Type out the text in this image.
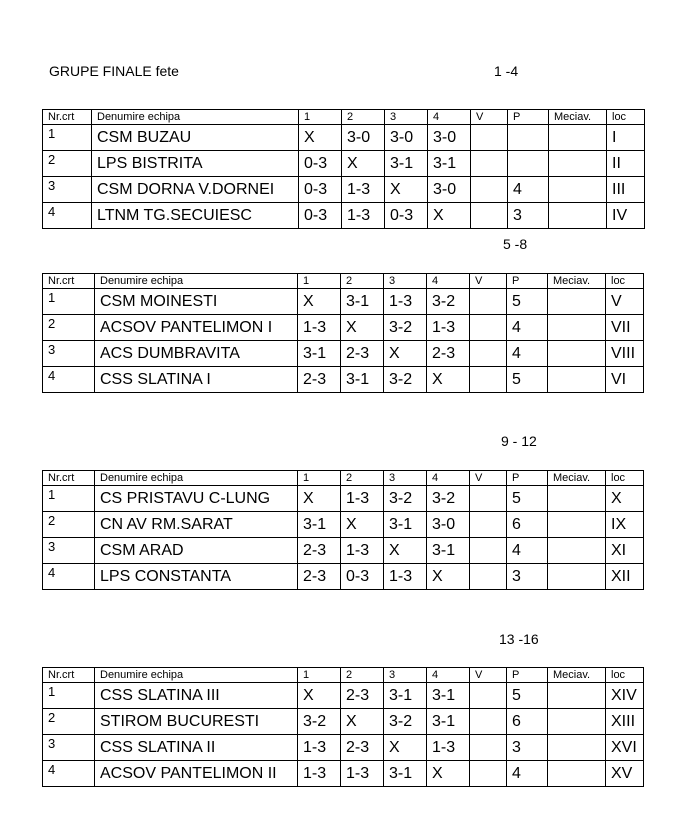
GRUPE FINALE fete	1 -4
5 -8
9 - 12
13 -16
Nr.crt	Denumire echipa	1	2	3	4	V	P	Meciav.	loc
1	CSM BUZAU	X	3-0	3-0	3-0				I
2	LPS BISTRITA	0-3	X	3-1	3-1				II
3	CSM DORNA V.DORNEI	0-3	1-3	X	3-0		4		III
4	LTNM TG.SECUIESC	0-3	1-3	0-3	X		3		IV
Nr.crt	Denumire echipa	1	2	3	4	V	P	Meciav.	loc
1	CSM MOINESTI	X	3-1	1-3	3-2		5		V
2	ACSOV PANTELIMON I	1-3	X	3-2	1-3		4		VII
3	ACS DUMBRAVITA	3-1	2-3	X	2-3		4		VIII
4	CSS SLATINA I	2-3	3-1	3-2	X		5		VI
Nr.crt	Denumire echipa	1	2	3	4	V	P	Meciav.	loc
1	CS PRISTAVU C-LUNG	X	1-3	3-2	3-2		5		X
2	CN AV RM.SARAT	3-1	X	3-1	3-0		6		IX
3	CSM ARAD	2-3	1-3	X	3-1		4		XI
4	LPS CONSTANTA	2-3	0-3	1-3	X		3		XII
Nr.crt	Denumire echipa	1	2	3	4	V	P	Meciav.	loc
1	CSS SLATINA III	X	2-3	3-1	3-1		5		XIV
2	STIROM BUCURESTI	3-2	X	3-2	3-1		6		XIII
3	CSS SLATINA II	1-3	2-3	X	1-3		3		XVI
4	ACSOV PANTELIMON II	1-3	1-3	3-1	X		4		XV
